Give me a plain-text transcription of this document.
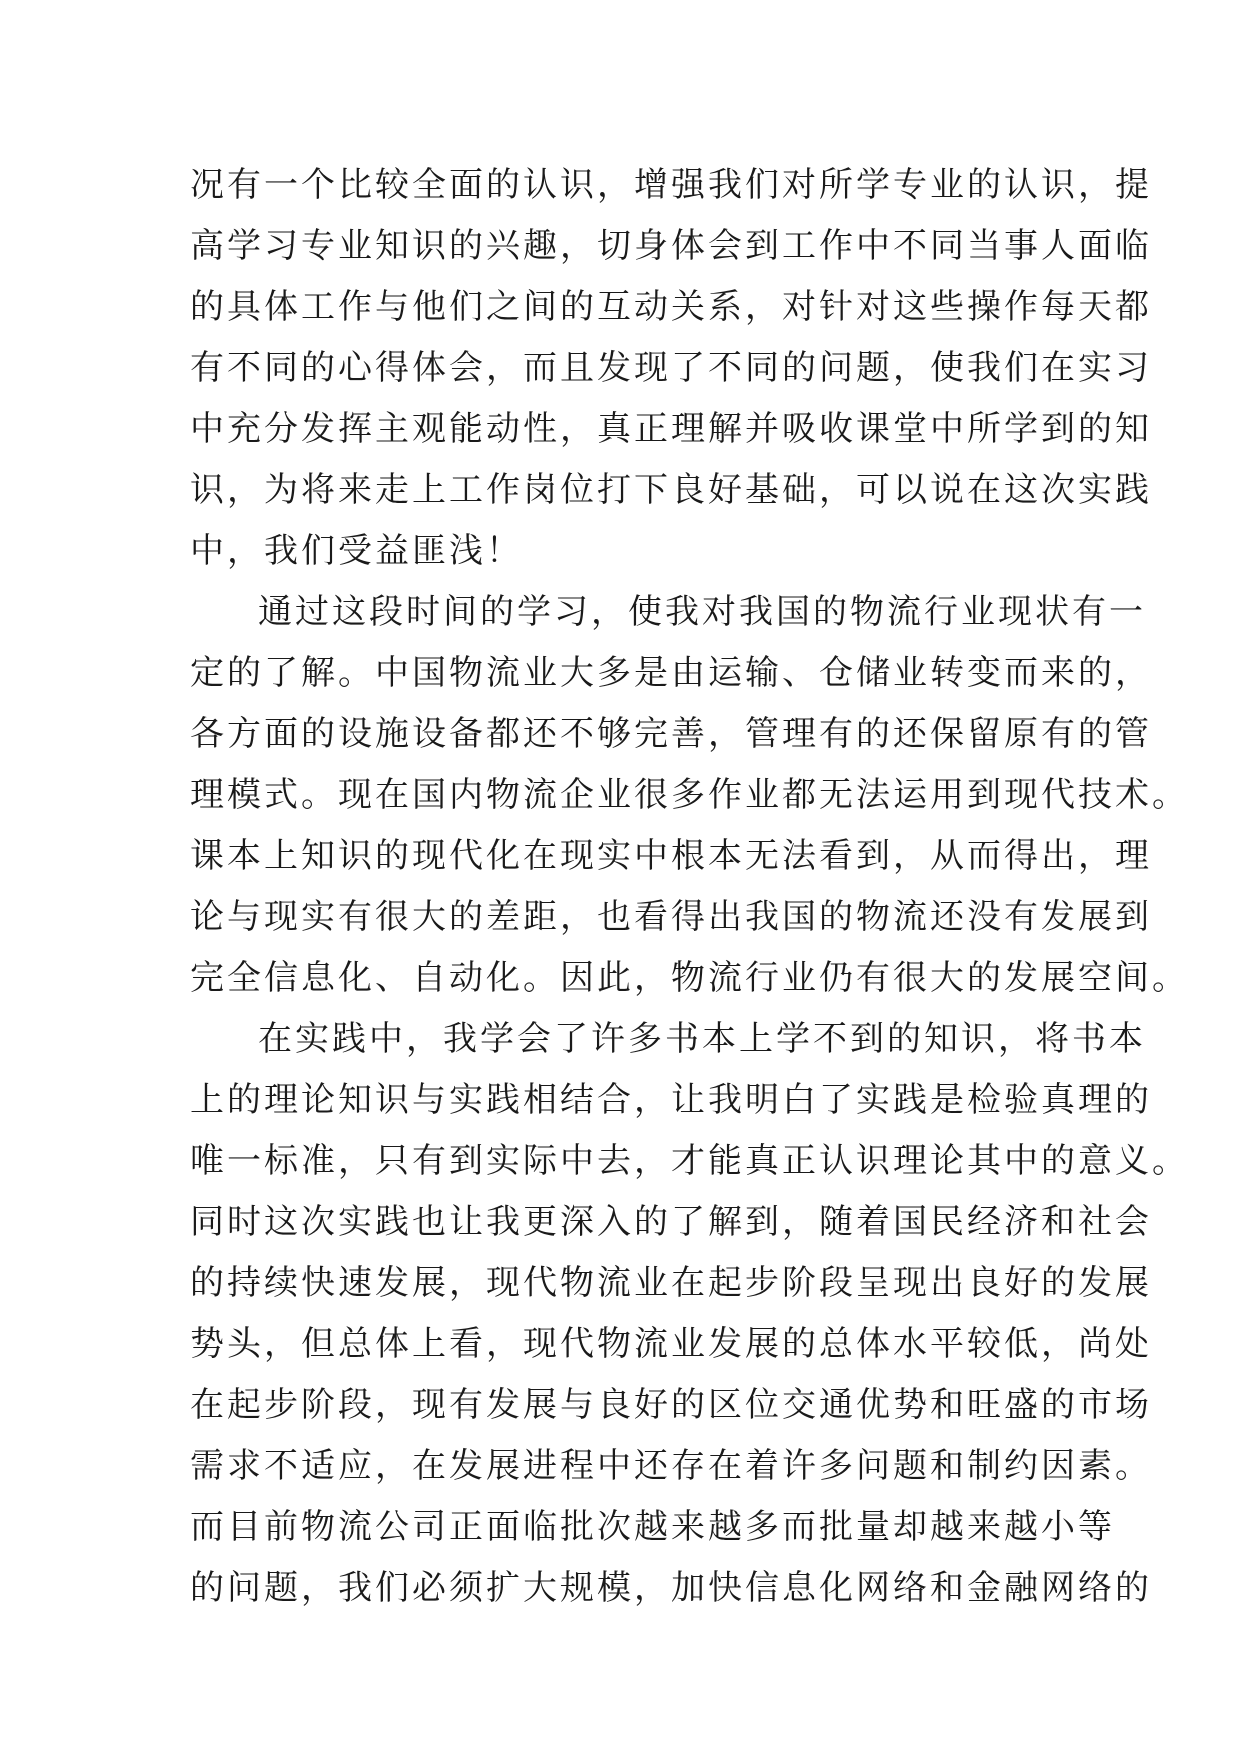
况有一个比较全面的认识，增强我们对所学专业的认识，提
高学习专业知识的兴趣，切身体会到工作中不同当事人面临
的具体工作与他们之间的互动关系，对针对这些操作每天都
有不同的心得体会，而且发现了不同的问题，使我们在实习
中充分发挥主观能动性，真正理解并吸收课堂中所学到的知
识，为将来走上工作岗位打下良好基础，可以说在这次实践
中，我们受益匪浅！
通过这段时间的学习，使我对我国的物流行业现状有一
定的了解。中国物流业大多是由运输、仓储业转变而来的，
各方面的设施设备都还不够完善，管理有的还保留原有的管
理模式。现在国内物流企业很多作业都无法运用到现代技术。
课本上知识的现代化在现实中根本无法看到，从而得出，理
论与现实有很大的差距，也看得出我国的物流还没有发展到
完全信息化、自动化。因此，物流行业仍有很大的发展空间。
在实践中，我学会了许多书本上学不到的知识，将书本
上的理论知识与实践相结合，让我明白了实践是检验真理的
唯一标准，只有到实际中去，才能真正认识理论其中的意义。
同时这次实践也让我更深入的了解到，随着国民经济和社会
的持续快速发展，现代物流业在起步阶段呈现出良好的发展
势头，但总体上看，现代物流业发展的总体水平较低，尚处
在起步阶段，现有发展与良好的区位交通优势和旺盛的市场
需求不适应，在发展进程中还存在着许多问题和制约因素。
而目前物流公司正面临批次越来越多而批量却越来越小等
的问题，我们必须扩大规模，加快信息化网络和金融网络的
